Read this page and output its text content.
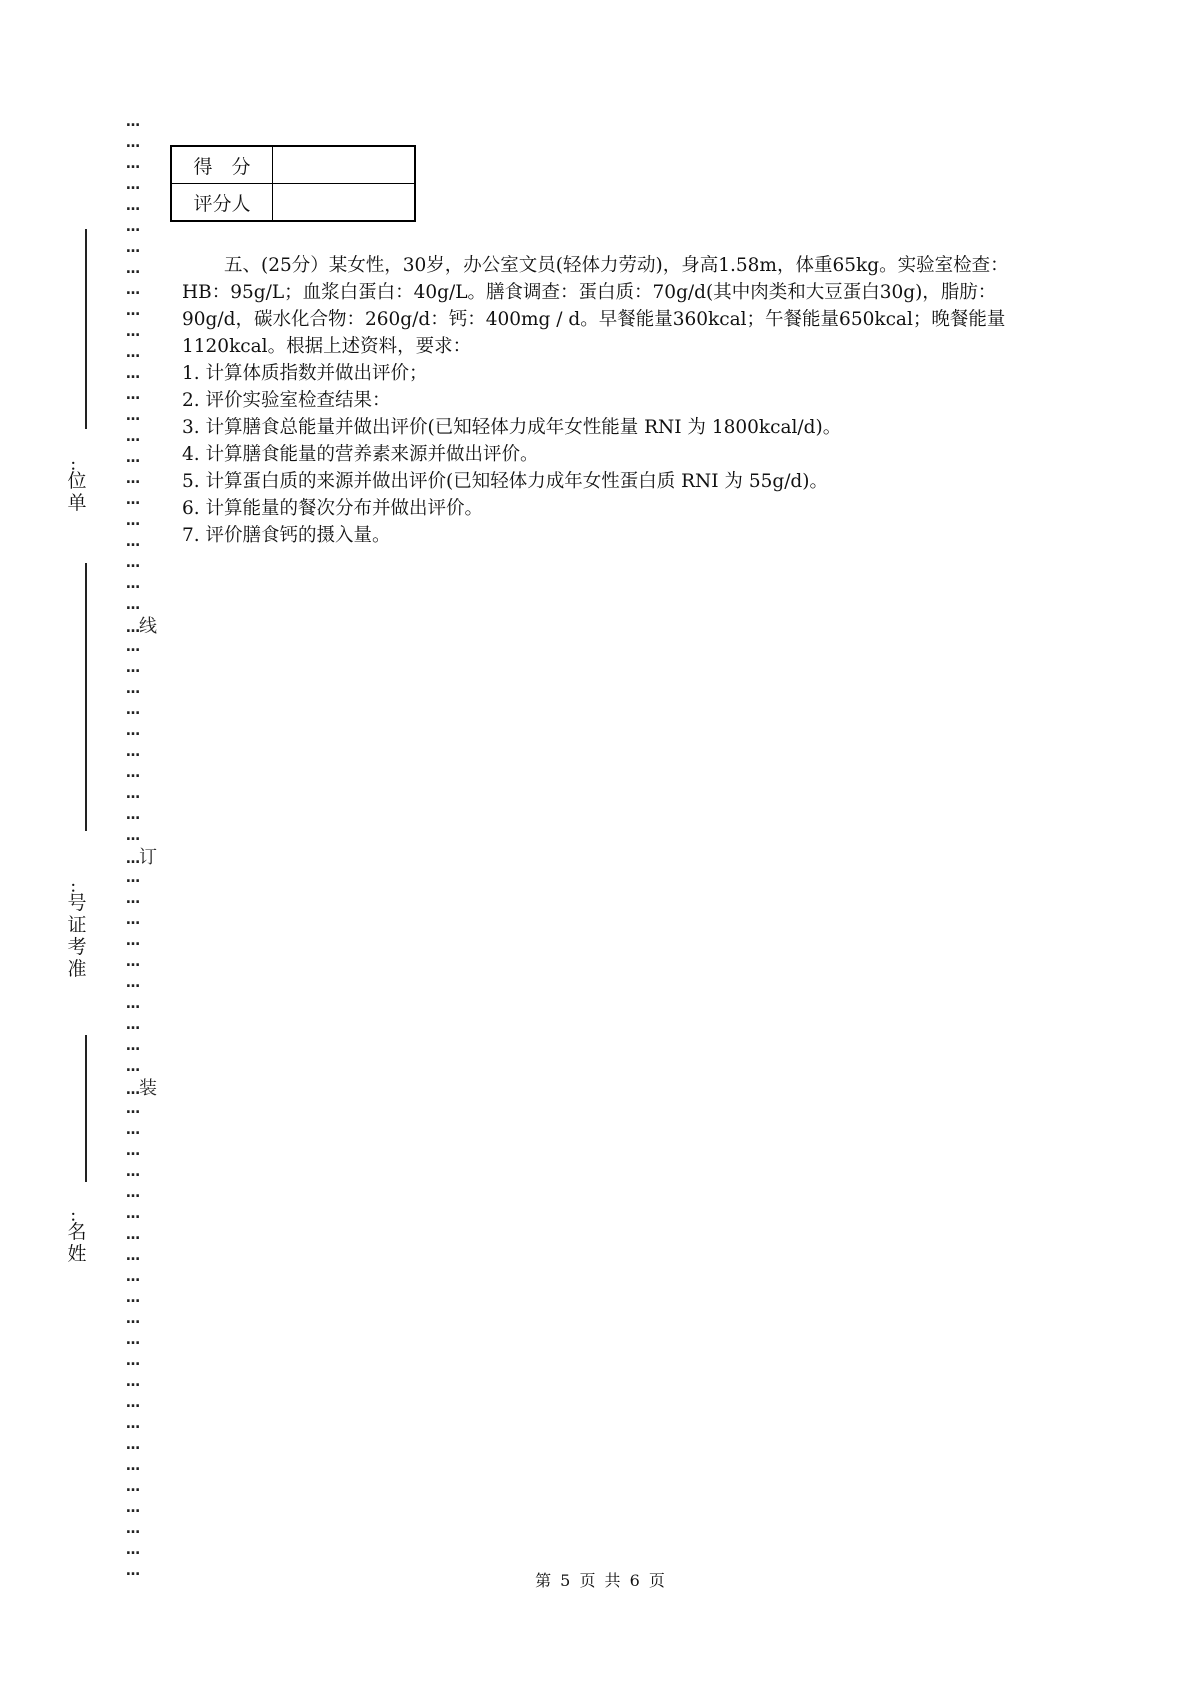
…
…
…
…
…
…
…
…
…
…
…
…
…
…
…
…
…
…
…
…
…
…
…
…
…线
…
…
…
…
…
…
…
…
…
…
…订
…
…
…
…
…
…
…
…
…
…
…装
…
…
…
…
…
…
…
…
…
…
…
…
…
…
…
…
…
…
…
…
…
…
…
：
位单
：
号证考准
：
名姓
得　分	
评分人	

五、(25分）某女性，30岁，办公室文员(轻体力劳动)，身高1.58m，体重65kg。实验室检查：HB：95g/L；血浆白蛋白：40g/L。膳食调查：蛋白质：70g/d(其中肉类和大豆蛋白30g)，脂肪：90g/d，碳水化合物：260g/d：钙：400mg / d。早餐能量360kcal；午餐能量650kcal；晚餐能量1120kcal。根据上述资料，要求：

1. 计算体质指数并做出评价；

2. 评价实验室检查结果：

3. 计算膳食总能量并做出评价(已知轻体力成年女性能量 RNI 为 1800kcal/d)。

4. 计算膳食能量的营养素来源并做出评价。

5. 计算蛋白质的来源并做出评价(已知轻体力成年女性蛋白质 RNI 为 55g/d)。

6. 计算能量的餐次分布并做出评价。

7. 评价膳食钙的摄入量。

第 5 页 共 6 页
